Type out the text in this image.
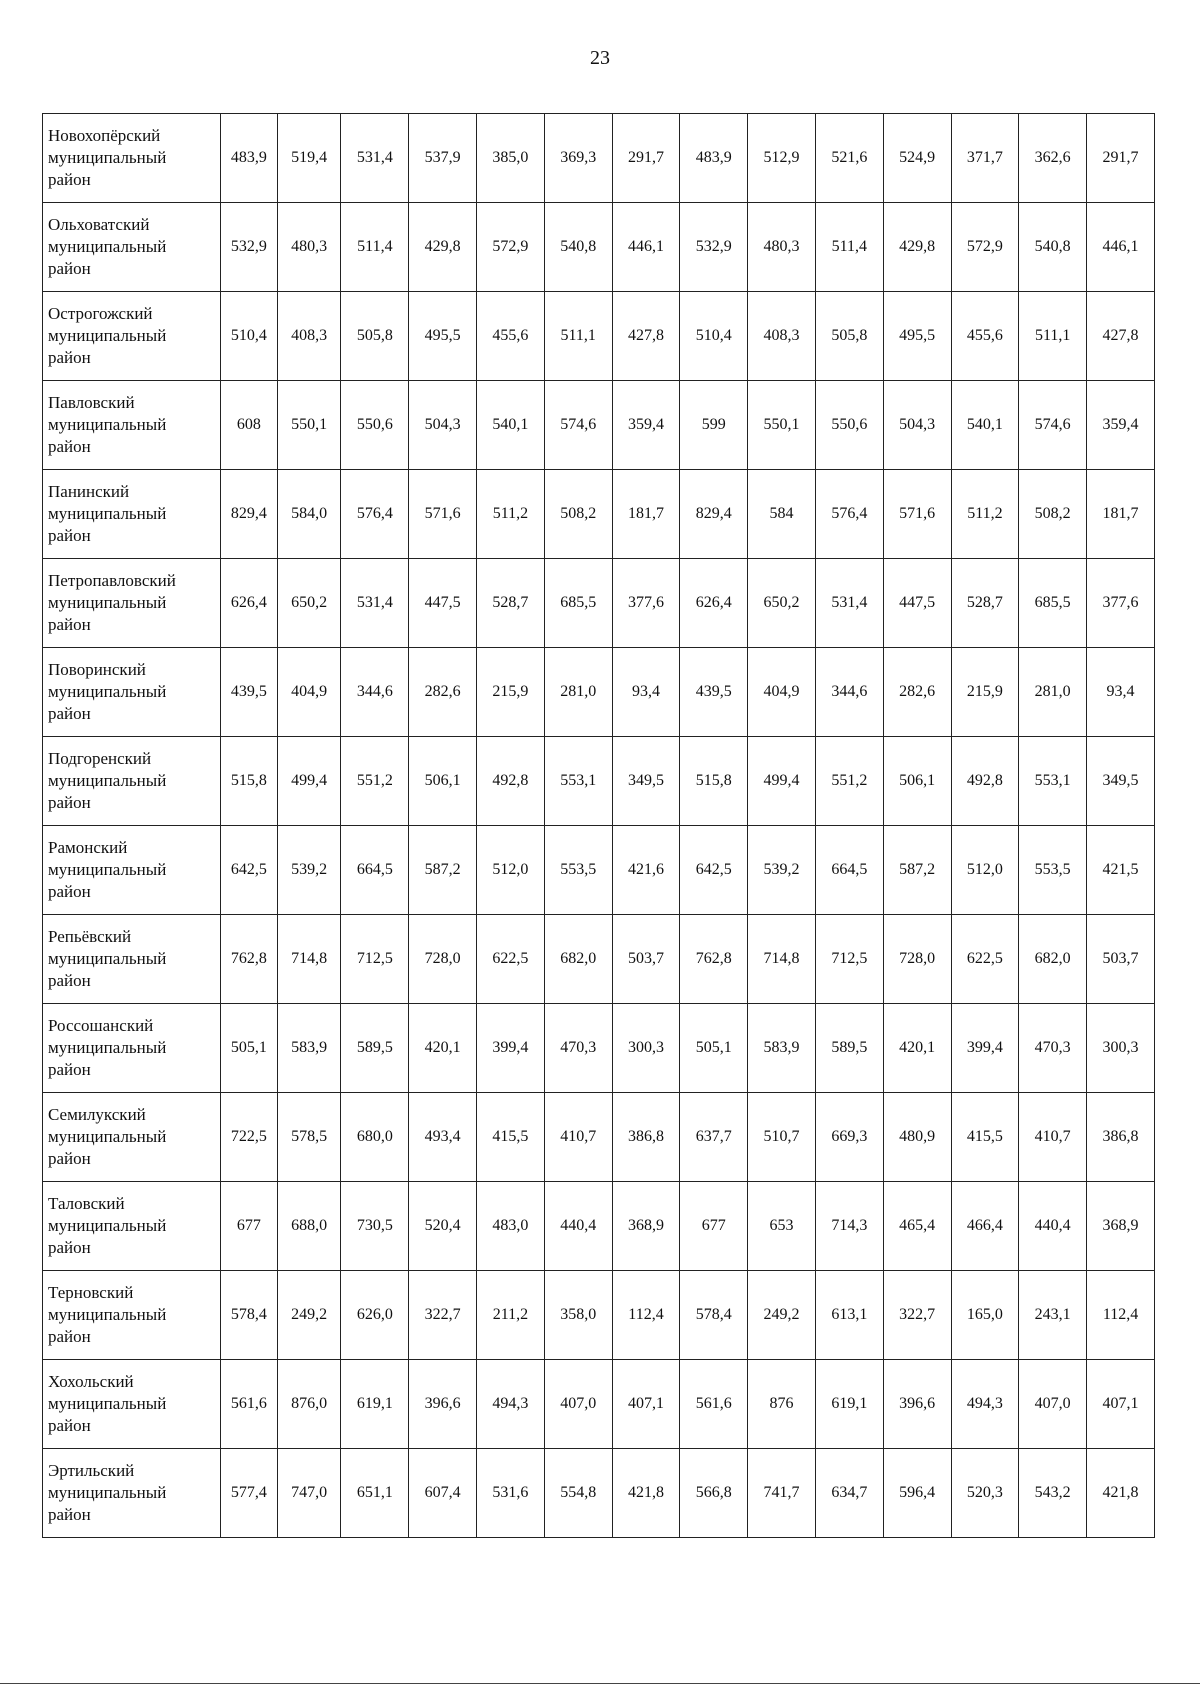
23
Новохопёрский
муниципальный
район	483,9	519,4	531,4	537,9	385,0	369,3	291,7	483,9	512,9	521,6	524,9	371,7	362,6	291,7
Ольховатский
муниципальный
район	532,9	480,3	511,4	429,8	572,9	540,8	446,1	532,9	480,3	511,4	429,8	572,9	540,8	446,1
Острогожский
муниципальный
район	510,4	408,3	505,8	495,5	455,6	511,1	427,8	510,4	408,3	505,8	495,5	455,6	511,1	427,8
Павловский
муниципальный
район	608	550,1	550,6	504,3	540,1	574,6	359,4	599	550,1	550,6	504,3	540,1	574,6	359,4
Панинский
муниципальный
район	829,4	584,0	576,4	571,6	511,2	508,2	181,7	829,4	584	576,4	571,6	511,2	508,2	181,7
Петропавловский
муниципальный
район	626,4	650,2	531,4	447,5	528,7	685,5	377,6	626,4	650,2	531,4	447,5	528,7	685,5	377,6
Поворинский
муниципальный
район	439,5	404,9	344,6	282,6	215,9	281,0	93,4	439,5	404,9	344,6	282,6	215,9	281,0	93,4
Подгоренский
муниципальный
район	515,8	499,4	551,2	506,1	492,8	553,1	349,5	515,8	499,4	551,2	506,1	492,8	553,1	349,5
Рамонский
муниципальный
район	642,5	539,2	664,5	587,2	512,0	553,5	421,6	642,5	539,2	664,5	587,2	512,0	553,5	421,5
Репьёвский
муниципальный
район	762,8	714,8	712,5	728,0	622,5	682,0	503,7	762,8	714,8	712,5	728,0	622,5	682,0	503,7
Россошанский
муниципальный
район	505,1	583,9	589,5	420,1	399,4	470,3	300,3	505,1	583,9	589,5	420,1	399,4	470,3	300,3
Семилукский
муниципальный
район	722,5	578,5	680,0	493,4	415,5	410,7	386,8	637,7	510,7	669,3	480,9	415,5	410,7	386,8
Таловский
муниципальный
район	677	688,0	730,5	520,4	483,0	440,4	368,9	677	653	714,3	465,4	466,4	440,4	368,9
Терновский
муниципальный
район	578,4	249,2	626,0	322,7	211,2	358,0	112,4	578,4	249,2	613,1	322,7	165,0	243,1	112,4
Хохольский
муниципальный
район	561,6	876,0	619,1	396,6	494,3	407,0	407,1	561,6	876	619,1	396,6	494,3	407,0	407,1
Эртильский
муниципальный
район	577,4	747,0	651,1	607,4	531,6	554,8	421,8	566,8	741,7	634,7	596,4	520,3	543,2	421,8
